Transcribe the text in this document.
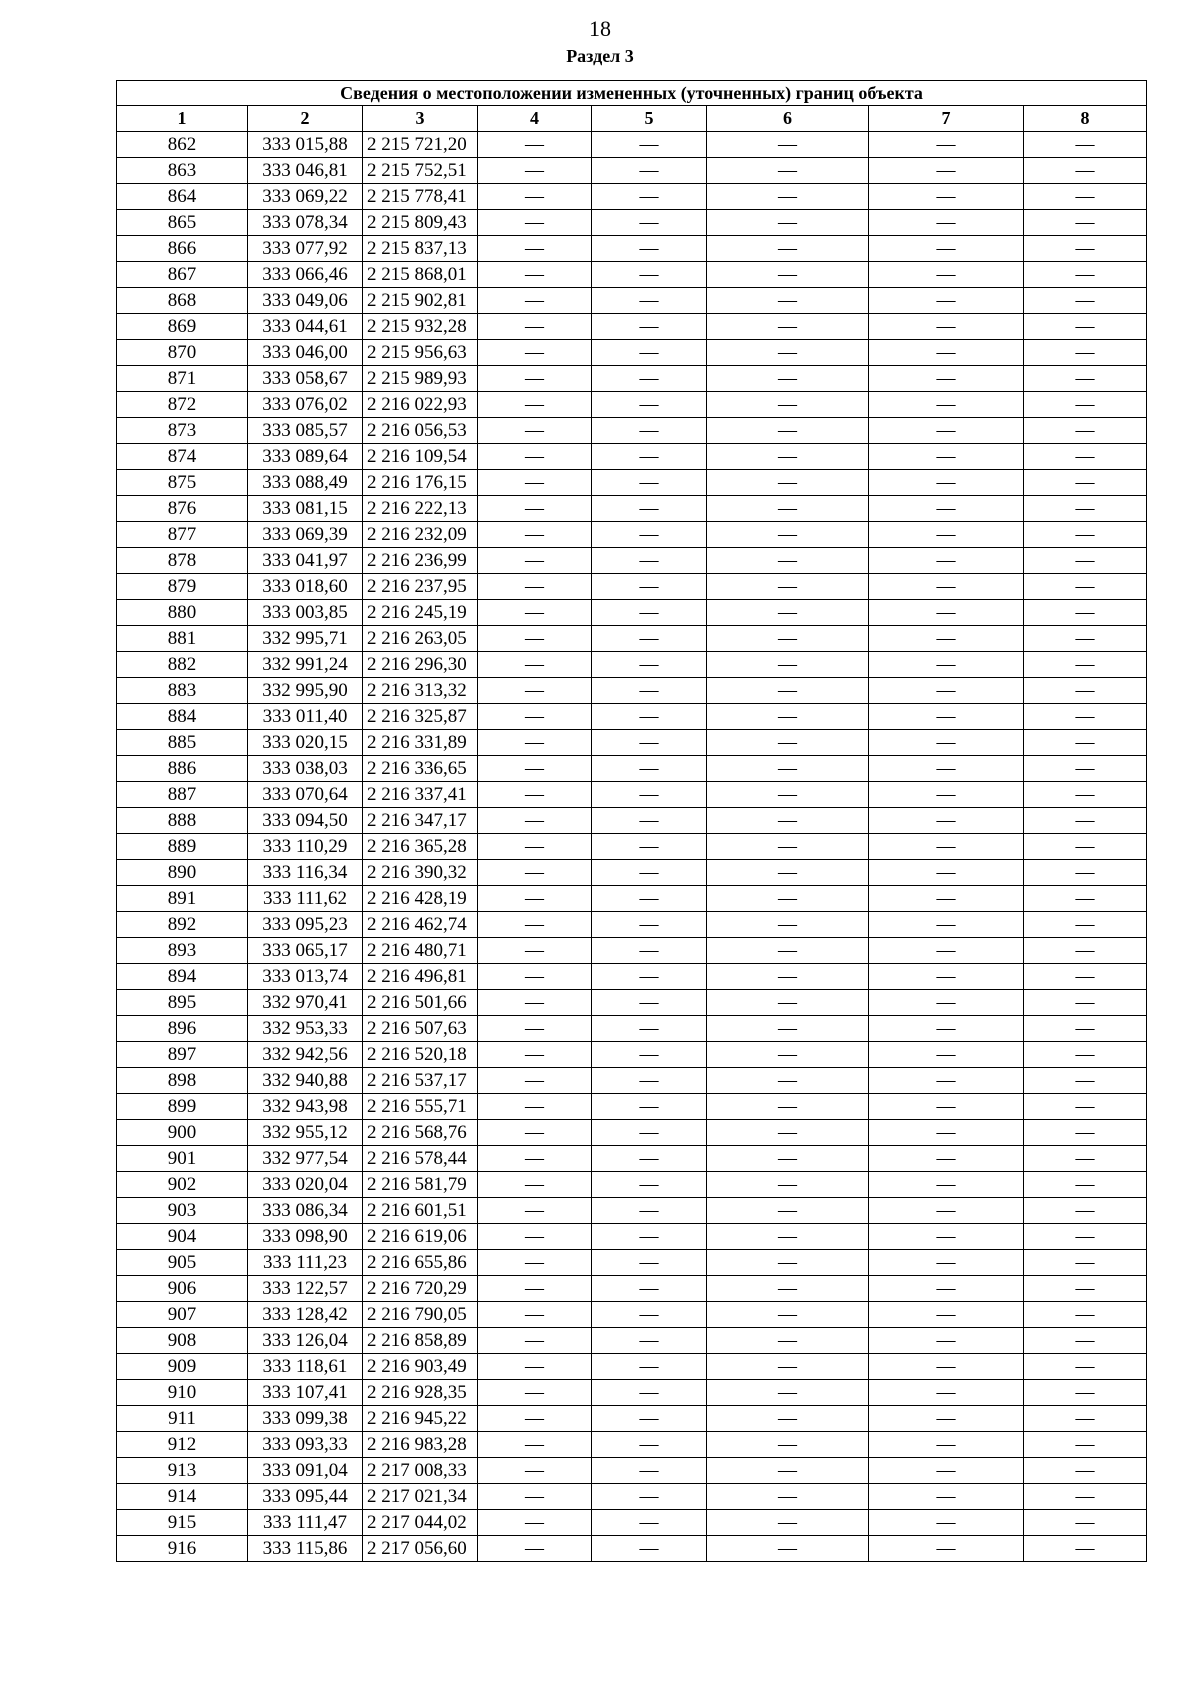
18
Раздел 3
Сведения о местоположении измененных (уточненных) границ объекта							
1	2	3	4	5	6	7	8
862	333 015,88	2 215 721,20	—	—	—	—	—
863	333 046,81	2 215 752,51	—	—	—	—	—
864	333 069,22	2 215 778,41	—	—	—	—	—
865	333 078,34	2 215 809,43	—	—	—	—	—
866	333 077,92	2 215 837,13	—	—	—	—	—
867	333 066,46	2 215 868,01	—	—	—	—	—
868	333 049,06	2 215 902,81	—	—	—	—	—
869	333 044,61	2 215 932,28	—	—	—	—	—
870	333 046,00	2 215 956,63	—	—	—	—	—
871	333 058,67	2 215 989,93	—	—	—	—	—
872	333 076,02	2 216 022,93	—	—	—	—	—
873	333 085,57	2 216 056,53	—	—	—	—	—
874	333 089,64	2 216 109,54	—	—	—	—	—
875	333 088,49	2 216 176,15	—	—	—	—	—
876	333 081,15	2 216 222,13	—	—	—	—	—
877	333 069,39	2 216 232,09	—	—	—	—	—
878	333 041,97	2 216 236,99	—	—	—	—	—
879	333 018,60	2 216 237,95	—	—	—	—	—
880	333 003,85	2 216 245,19	—	—	—	—	—
881	332 995,71	2 216 263,05	—	—	—	—	—
882	332 991,24	2 216 296,30	—	—	—	—	—
883	332 995,90	2 216 313,32	—	—	—	—	—
884	333 011,40	2 216 325,87	—	—	—	—	—
885	333 020,15	2 216 331,89	—	—	—	—	—
886	333 038,03	2 216 336,65	—	—	—	—	—
887	333 070,64	2 216 337,41	—	—	—	—	—
888	333 094,50	2 216 347,17	—	—	—	—	—
889	333 110,29	2 216 365,28	—	—	—	—	—
890	333 116,34	2 216 390,32	—	—	—	—	—
891	333 111,62	2 216 428,19	—	—	—	—	—
892	333 095,23	2 216 462,74	—	—	—	—	—
893	333 065,17	2 216 480,71	—	—	—	—	—
894	333 013,74	2 216 496,81	—	—	—	—	—
895	332 970,41	2 216 501,66	—	—	—	—	—
896	332 953,33	2 216 507,63	—	—	—	—	—
897	332 942,56	2 216 520,18	—	—	—	—	—
898	332 940,88	2 216 537,17	—	—	—	—	—
899	332 943,98	2 216 555,71	—	—	—	—	—
900	332 955,12	2 216 568,76	—	—	—	—	—
901	332 977,54	2 216 578,44	—	—	—	—	—
902	333 020,04	2 216 581,79	—	—	—	—	—
903	333 086,34	2 216 601,51	—	—	—	—	—
904	333 098,90	2 216 619,06	—	—	—	—	—
905	333 111,23	2 216 655,86	—	—	—	—	—
906	333 122,57	2 216 720,29	—	—	—	—	—
907	333 128,42	2 216 790,05	—	—	—	—	—
908	333 126,04	2 216 858,89	—	—	—	—	—
909	333 118,61	2 216 903,49	—	—	—	—	—
910	333 107,41	2 216 928,35	—	—	—	—	—
911	333 099,38	2 216 945,22	—	—	—	—	—
912	333 093,33	2 216 983,28	—	—	—	—	—
913	333 091,04	2 217 008,33	—	—	—	—	—
914	333 095,44	2 217 021,34	—	—	—	—	—
915	333 111,47	2 217 044,02	—	—	—	—	—
916	333 115,86	2 217 056,60	—	—	—	—	—
